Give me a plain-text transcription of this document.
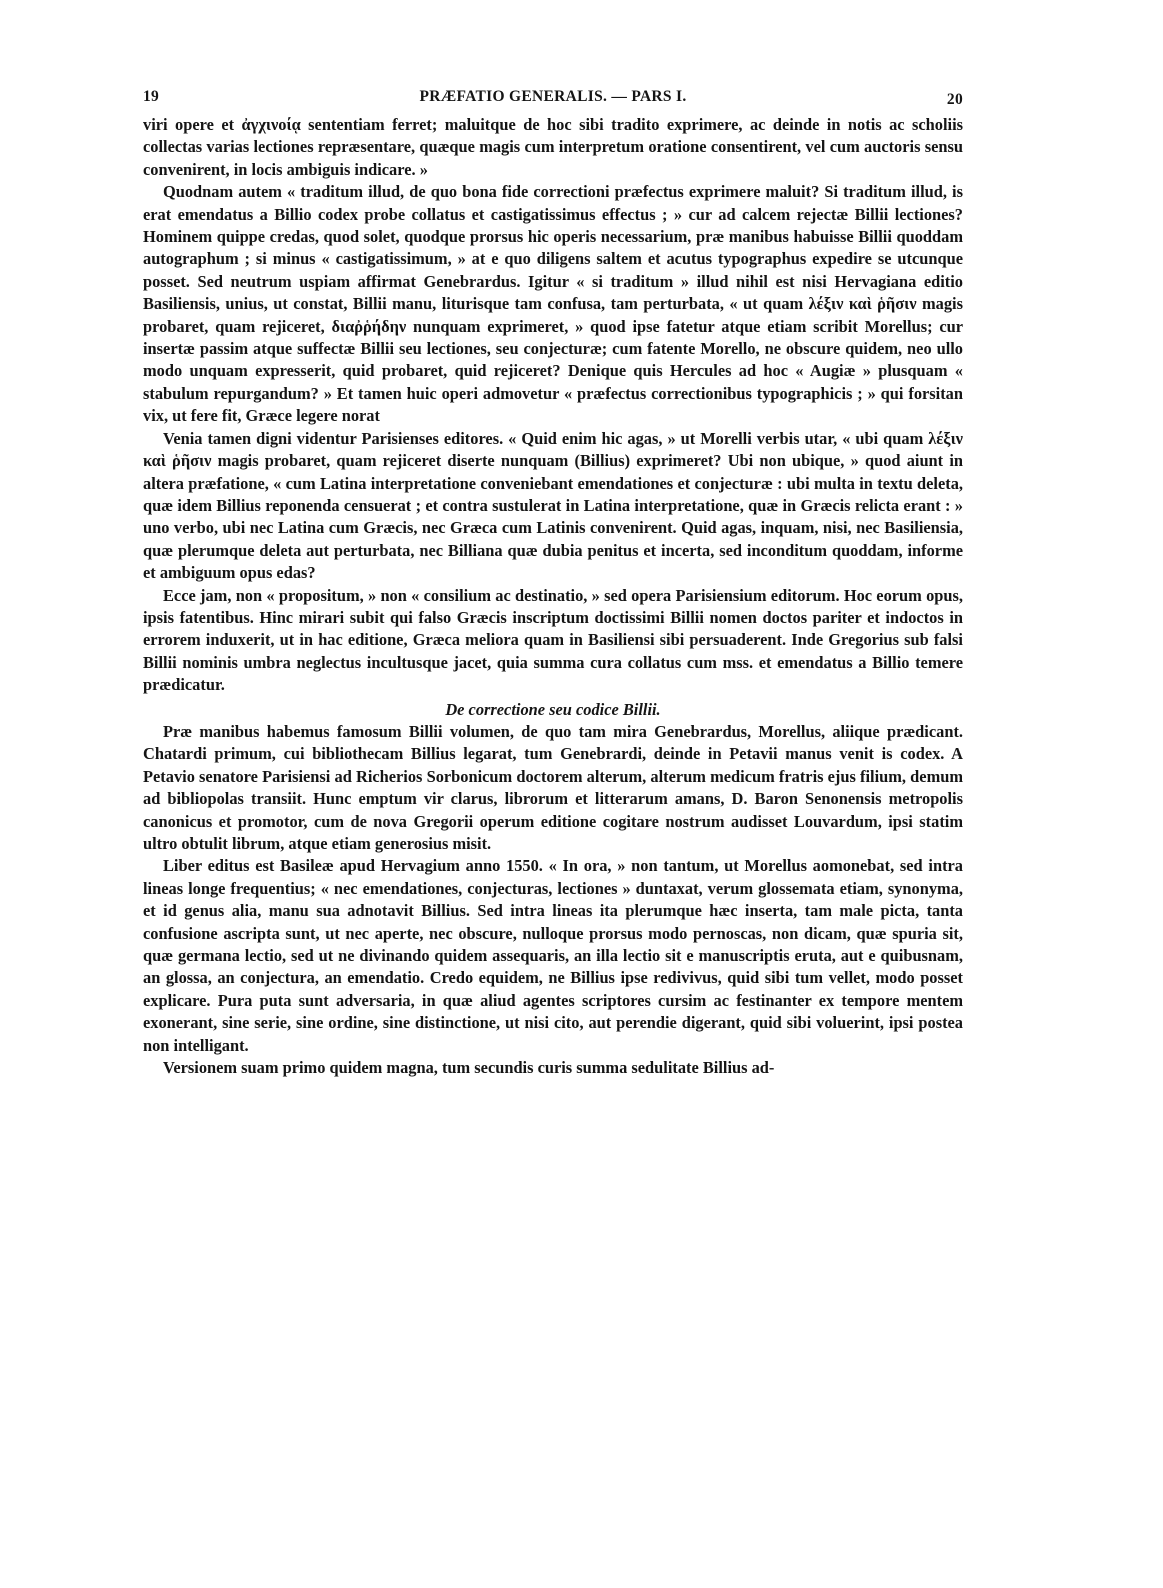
19	PRÆFATIO GENERALIS. — PARS I.	20

viri opere et ἀγχινοίᾳ sententiam ferret; maluitque de hoc sibi tradito exprimere, ac deinde in notis ac scholiis collectas varias lectiones repræsentare, quæque magis cum interpretum oratione consentirent, vel cum auctoris sensu convenirent, in locis ambiguis indicare. »

Quodnam autem « traditum illud, de quo bona fide correctioni præfectus exprimere maluit? Si traditum illud, is erat emendatus a Billio codex probe collatus et castigatissimus effectus ; » cur ad calcem rejectæ Billii lectiones? Hominem quippe credas, quod solet, quodque prorsus hic operis necessarium, præ manibus habuisse Billii quoddam autographum ; si minus « castigatissimum, » at e quo diligens saltem et acutus typographus expedire se utcunque posset. Sed neutrum uspiam affirmat Genebrardus. Igitur « si traditum » illud nihil est nisi Hervagiana editio Basiliensis, unius, ut constat, Billii manu, liturisque tam confusa, tam perturbata, « ut quam λέξιν καὶ ῥῆσιν magis probaret, quam rejiceret, διαῤῥήδην nunquam exprimeret, » quod ipse fatetur atque etiam scribit Morellus; cur insertæ passim atque suffectæ Billii seu lectiones, seu conjecturæ; cum fatente Morello, ne obscure quidem, neo ullo modo unquam expresserit, quid probaret, quid rejiceret? Denique quis Hercules ad hoc « Augiæ » plusquam « stabulum repurgandum? » Et tamen huic operi admovetur « præfectus correctionibus typographicis ; » qui forsitan vix, ut fere fit, Græce legere norat

Venia tamen digni videntur Parisienses editores. « Quid enim hic agas, » ut Morelli verbis utar, « ubi quam λέξιν καὶ ῥῆσιν magis probaret, quam rejiceret diserte nunquam (Billius) exprimeret? Ubi non ubique, » quod aiunt in altera præfatione, « cum Latina interpretatione conveniebant emendationes et conjecturæ : ubi multa in textu deleta, quæ idem Billius reponenda censuerat ; et contra sustulerat in Latina interpretatione, quæ in Græcis relicta erant : » uno verbo, ubi nec Latina cum Græcis, nec Græca cum Latinis convenirent. Quid agas, inquam, nisi, nec Basiliensia, quæ plerumque deleta aut perturbata, nec Billiana quæ dubia penitus et incerta, sed inconditum quoddam, informe et ambiguum opus edas?

Ecce jam, non « propositum, » non « consilium ac destinatio, » sed opera Parisiensium editorum. Hoc eorum opus, ipsis fatentibus. Hinc mirari subit qui falso Græcis inscriptum doctissimi Billii nomen doctos pariter et indoctos in errorem induxerit, ut in hac editione, Græca meliora quam in Basiliensi sibi persuaderent. Inde Gregorius sub falsi Billii nominis umbra neglectus incultusque jacet, quia summa cura collatus cum mss. et emendatus a Billio temere prædicatur.

De correctione seu codice Billii.

Præ manibus habemus famosum Billii volumen, de quo tam mira Genebrardus, Morellus, aliique prædicant. Chatardi primum, cui bibliothecam Billius legarat, tum Genebrardi, deinde in Petavii manus venit is codex. A Petavio senatore Parisiensi ad Richerios Sorbonicum doctorem alterum, alterum medicum fratris ejus filium, demum ad bibliopolas transiit. Hunc emptum vir clarus, librorum et litterarum amans, D. Baron Senonensis metropolis canonicus et promotor, cum de nova Gregorii operum editione cogitare nostrum audisset Louvardum, ipsi statim ultro obtulit librum, atque etiam generosius misit.

Liber editus est Basileæ apud Hervagium anno 1550. « In ora, » non tantum, ut Morellus aomonebat, sed intra lineas longe frequentius; « nec emendationes, conjecturas, lectiones » duntaxat, verum glossemata etiam, synonyma, et id genus alia, manu sua adnotavit Billius. Sed intra lineas ita plerumque hæc inserta, tam male picta, tanta confusione ascripta sunt, ut nec aperte, nec obscure, nulloque prorsus modo pernoscas, non dicam, quæ spuria sit, quæ germana lectio, sed ut ne divinando quidem assequaris, an illa lectio sit e manuscriptis eruta, aut e quibusnam, an glossa, an conjectura, an emendatio. Credo equidem, ne Billius ipse redivivus, quid sibi tum vellet, modo posset explicare. Pura puta sunt adversaria, in quæ aliud agentes scriptores cursim ac festinanter ex tempore mentem exonerant, sine serie, sine ordine, sine distinctione, ut nisi cito, aut perendie digerant, quid sibi voluerint, ipsi postea non intelligant.

Versionem suam primo quidem magna, tum secundis curis summa sedulitate Billius ad-
